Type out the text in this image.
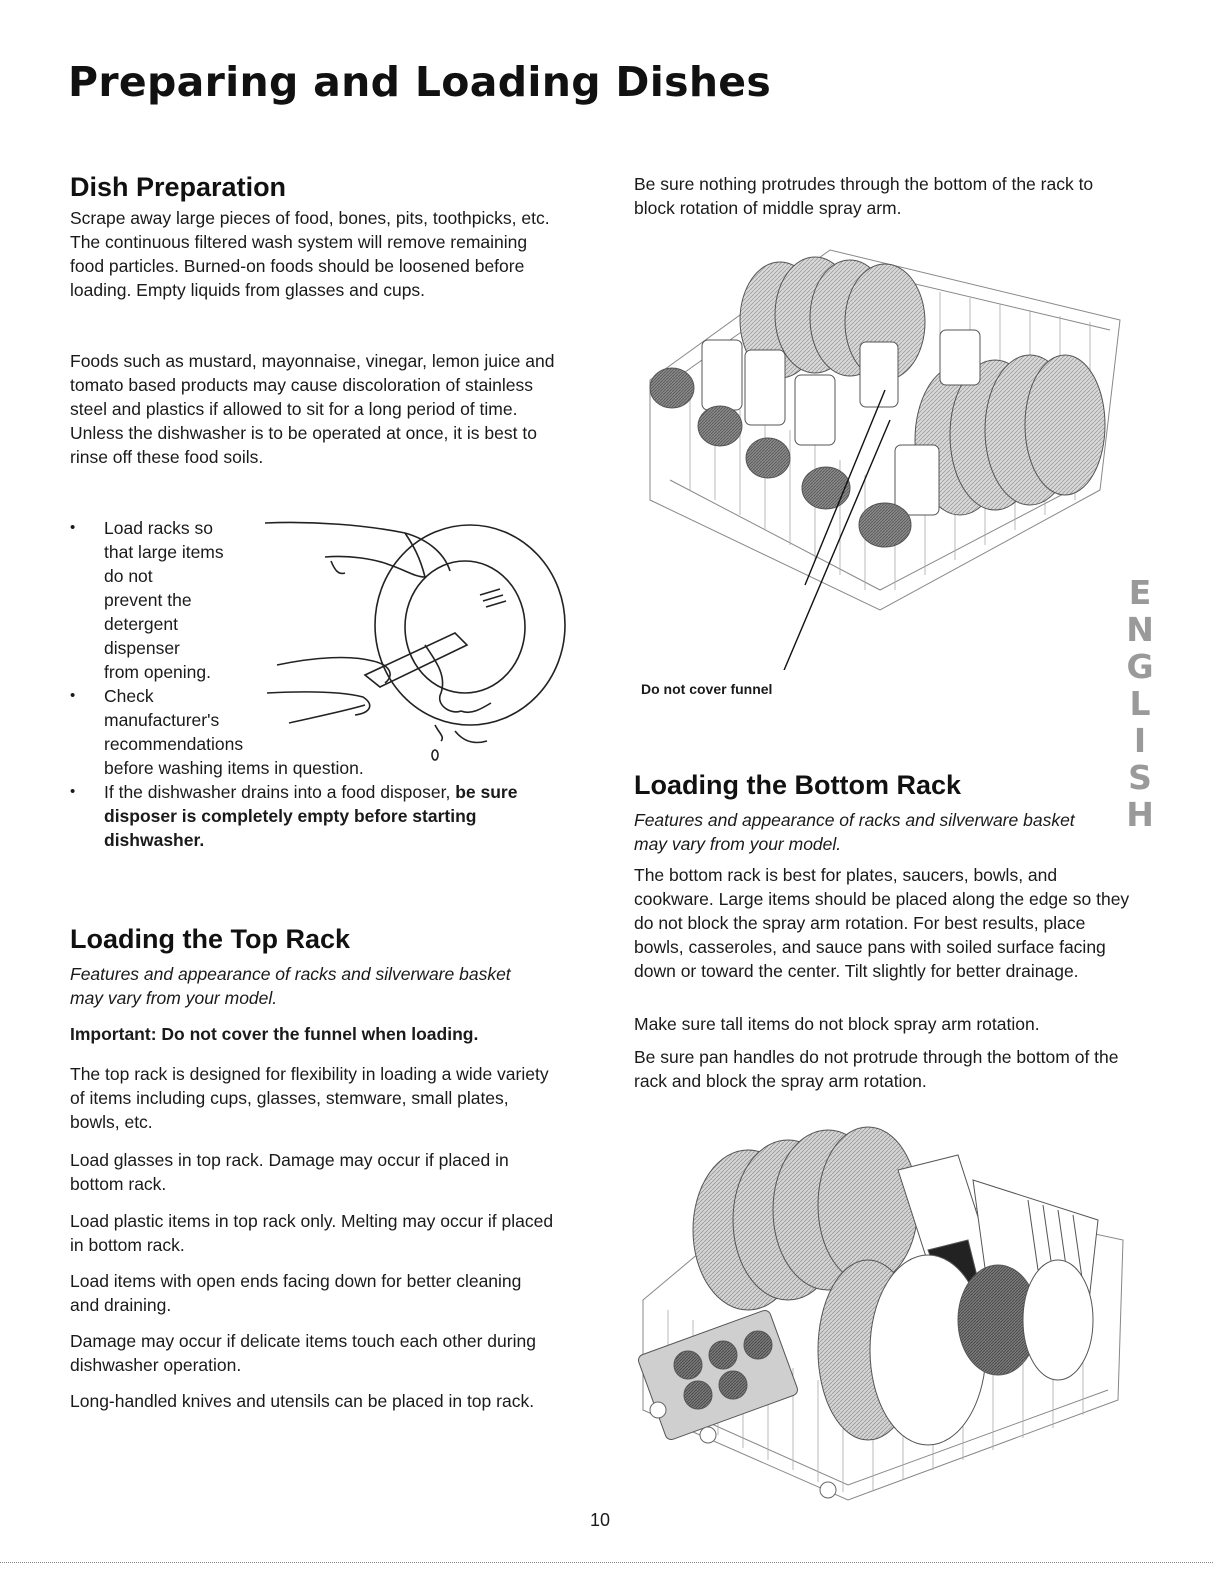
Preparing and Loading Dishes
Dish Preparation

Scrape away large pieces of food, bones, pits, toothpicks, etc. The continuous filtered wash system will remove remaining food particles. Burned-on foods should be loosened before loading. Empty liquids from glasses and cups.

Foods such as mustard, mayonnaise, vinegar, lemon juice and tomato based products may cause discoloration of stainless steel and plastics if allowed to sit for a long period of time. Unless the dishwasher is to be operated at once, it is best to rinse off these food soils.

• Load racks so
that large items
do not
prevent the
detergent
dispenser
from opening.
• Check
manufacturer's
recommendations
before washing items in question.
• If the dishwasher drains into a food disposer, be sure disposer is completely empty before starting dishwasher.
Loading the Top Rack

Features and appearance of racks and silverware basket may vary from your model.

Important: Do not cover the funnel when loading.

The top rack is designed for flexibility in loading a wide variety of items including cups, glasses, stemware, small plates, bowls, etc.

Load glasses in top rack. Damage may occur if placed in bottom rack.

Load plastic items in top rack only. Melting may occur if placed in bottom rack.

Load items with open ends facing down for better cleaning and draining.

Damage may occur if delicate items touch each other during dishwasher operation.

Long-handled knives and utensils can be placed in top rack.

Be sure nothing protrudes through the bottom of the rack to block rotation of middle spray arm.

Do not cover funnel
Loading the Bottom Rack

Features and appearance of racks and silverware basket may vary from your model.

The bottom rack is best for plates, saucers, bowls, and cookware. Large items should be placed along the edge so they do not block the spray arm rotation. For best results, place bowls, casseroles, and sauce pans with soiled surface facing down or toward the center. Tilt slightly for better drainage.

Make sure tall items do not block spray arm rotation.

Be sure pan handles do not protrude through the bottom of the rack and block the spray arm rotation.

E
N
G
L
I
S
H
10
